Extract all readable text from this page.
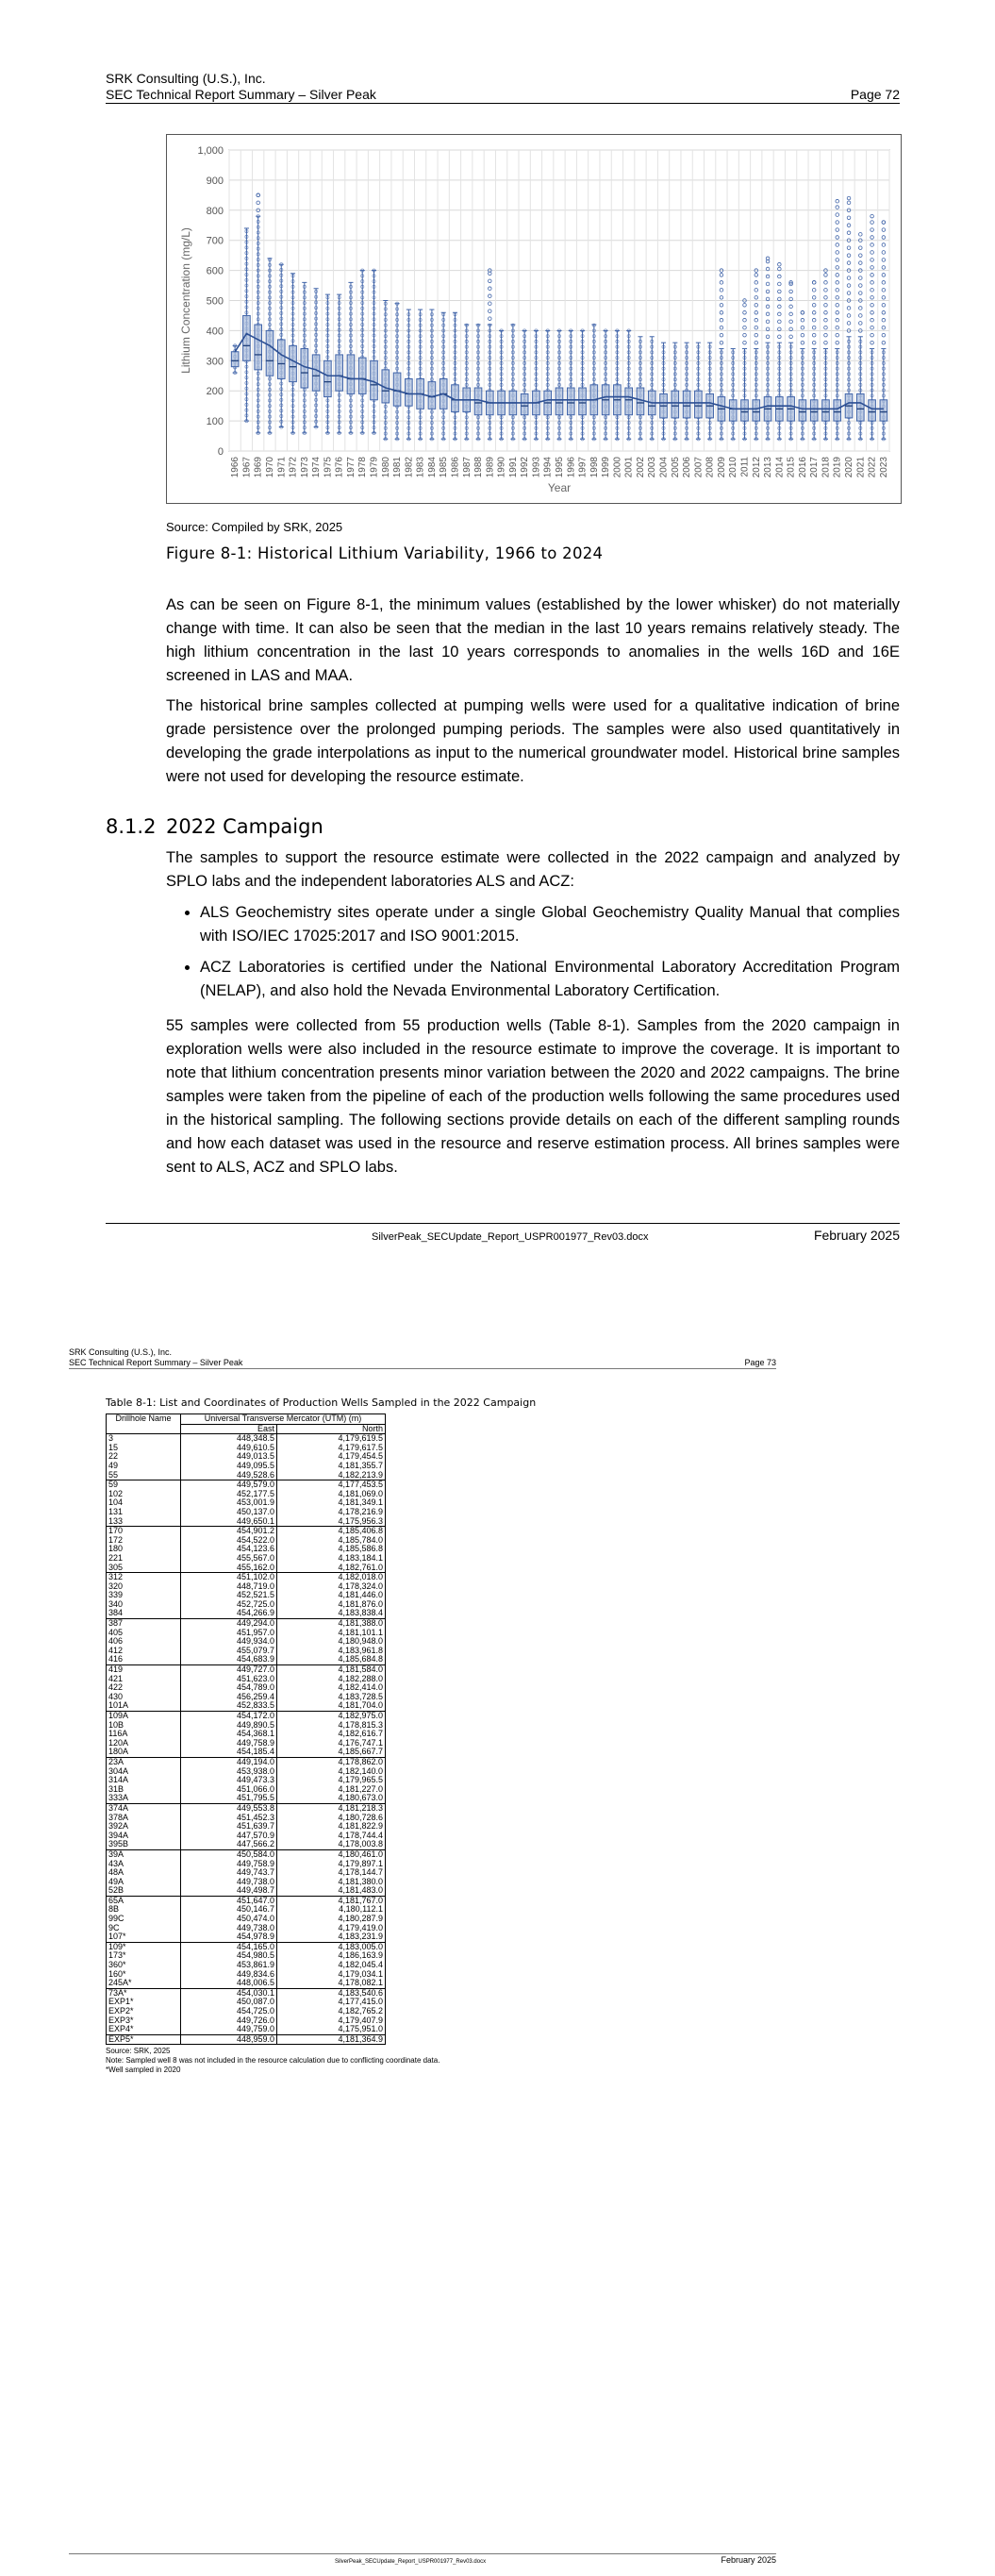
SRK Consulting (U.S.), Inc.
SEC Technical Report Summary – Silver Peak	Page 72
0
100
200
300
400
500
600
700
800
900
1,000
1966 1967 1969 1970 1971 1972 1973 1974 1975 1976 1977 1978 1979 1980 1981 1982 1983 1984 1985 1986 1987 1988 1989 1990 1991 1992 1993 1994 1995 1996 1997 1998 1999 2000 2001 2002 2003 2004 2005 2006 2007 2008 2009 2010 2011 2012 2013 2014 2015 2016 2017 2018 2019 2020 2021 2022 2023
Year
Lithium Concentration (mg/L)
Source: Compiled by SRK, 2025
Figure 8-1: Historical Lithium Variability, 1966 to 2024
As can be seen on Figure 8-1, the minimum values (established by the lower whisker) do not materially change with time. It can also be seen that the median in the last 10 years remains relatively steady. The high lithium concentration in the last 10 years corresponds to anomalies in the wells 16D and 16E screened in LAS and MAA.
The historical brine samples collected at pumping wells were used for a qualitative indication of brine grade persistence over the prolonged pumping periods. The samples were also used quantitatively in developing the grade interpolations as input to the numerical groundwater model. Historical brine samples were not used for developing the resource estimate.
8.1.2 2022 Campaign
The samples to support the resource estimate were collected in the 2022 campaign and analyzed by SPLO labs and the independent laboratories ALS and ACZ:
• ALS Geochemistry sites operate under a single Global Geochemistry Quality Manual that complies with ISO/IEC 17025:2017 and ISO 9001:2015.
• ACZ Laboratories is certified under the National Environmental Laboratory Accreditation Program (NELAP), and also hold the Nevada Environmental Laboratory Certification.
55 samples were collected from 55 production wells (Table 8-1). Samples from the 2020 campaign in exploration wells were also included in the resource estimate to improve the coverage. It is important to note that lithium concentration presents minor variation between the 2020 and 2022 campaigns. The brine samples were taken from the pipeline of each of the production wells following the same procedures used in the historical sampling. The following sections provide details on each of the different sampling rounds and how each dataset was used in the resource and reserve estimation process. All brines samples were sent to ALS, ACZ and SPLO labs.
SilverPeak_SECUpdate_Report_USPR001977_Rev03.docx	February 2025
SRK Consulting (U.S.), Inc.
SEC Technical Report Summary – Silver Peak	Page 73
Table 8-1: List and Coordinates of Production Wells Sampled in the 2022 Campaign
Drillhole Name	Universal Transverse Mercator (UTM) (m)	
	East	North
3	448,348.5	4,179,619.5
15	449,610.5	4,179,617.5
22	449,013.5	4,179,454.5
49	449,095.5	4,181,355.7
55	449,528.6	4,182,213.9
59	449,579.0	4,177,453.5
102	452,177.5	4,181,069.0
104	453,001.9	4,181,349.1
131	450,137.0	4,178,216.9
133	449,650.1	4,175,956.3
170	454,901.2	4,185,406.8
172	454,522.0	4,185,784.0
180	454,123.6	4,185,586.8
221	455,567.0	4,183,184.1
305	455,162.0	4,182,761.0
312	451,102.0	4,182,018.0
320	448,719.0	4,178,324.0
339	452,521.5	4,181,446.0
340	452,725.0	4,181,876.0
384	454,266.9	4,183,838.4
387	449,294.0	4,181,388.0
405	451,957.0	4,181,101.1
406	449,934.0	4,180,948.0
412	455,079.7	4,183,961.8
416	454,683.9	4,185,684.8
419	449,727.0	4,181,584.0
421	451,623.0	4,182,288.0
422	454,789.0	4,182,414.0
430	456,259.4	4,183,728.5
101A	452,833.5	4,181,704.0
109A	454,172.0	4,182,975.0
10B	449,890.5	4,178,815.3
116A	454,368.1	4,182,616.7
120A	449,758.9	4,176,747.1
180A	454,185.4	4,185,667.7
23A	449,194.0	4,178,862.0
304A	453,938.0	4,182,140.0
314A	449,473.3	4,179,965.5
31B	451,066.0	4,181,227.0
333A	451,795.5	4,180,673.0
374A	449,553.8	4,181,218.3
378A	451,452.3	4,180,728.6
392A	451,639.7	4,181,822.9
394A	447,570.9	4,178,744.4
395B	447,566.2	4,178,003.8
39A	450,584.0	4,180,461.0
43A	449,758.9	4,179,897.1
48A	449,743.7	4,178,144.7
49A	449,738.0	4,181,380.0
52B	449,498.7	4,181,483.0
65A	451,647.0	4,181,767.0
8B	450,146.7	4,180,112.1
99C	450,474.0	4,180,287.9
9C	449,738.0	4,179,419.0
107*	454,978.9	4,183,231.9
109*	454,165.0	4,183,005.0
173*	454,980.5	4,186,163.9
360*	453,861.9	4,182,045.4
160*	449,834.6	4,179,034.1
245A*	448,006.5	4,178,082.1
73A*	454,030.1	4,183,540.6
EXP1*	450,087.0	4,177,415.0
EXP2*	454,725.0	4,182,765.2
EXP3*	449,726.0	4,179,407.9
EXP4*	449,759.0	4,175,951.0
EXP5*	448,959.0	4,181,364.9
Source: SRK, 2025
Note: Sampled well 8 was not included in the resource calculation due to conflicting coordinate data.
*Well sampled in 2020
SilverPeak_SECUpdate_Report_USPR001977_Rev03.docx	February 2025
